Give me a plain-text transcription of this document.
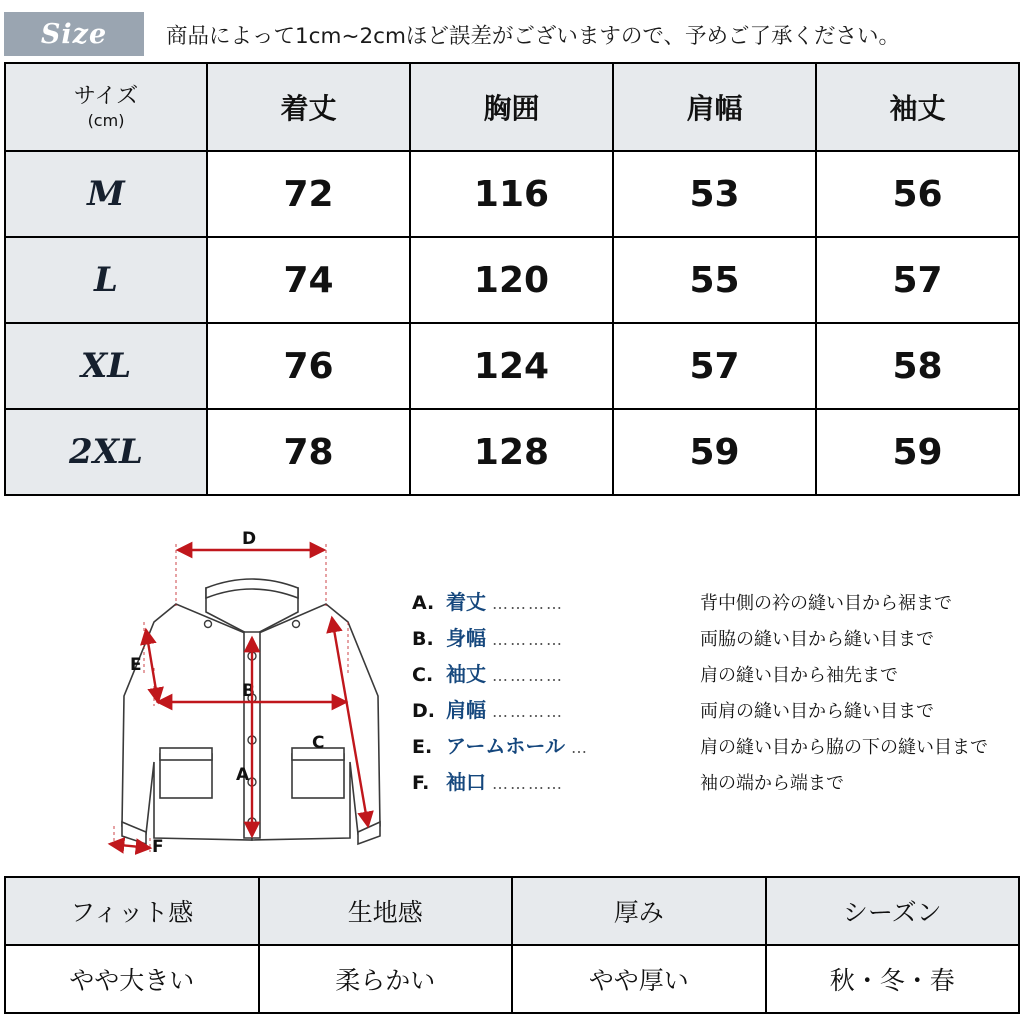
Size	商品によって1cm~2cmほど誤差がございますので、予めご了承ください。
サイズ
(cm)	着丈	胸囲	肩幅	袖丈
M	72	116	53	56
L	74	120	55	57
XL	76	124	57	58
2XL	78	128	59	59
D
E
B
A
C
F
A. 着丈 …………	背中側の衿の縫い目から裾まで
B. 身幅 …………	両脇の縫い目から縫い目まで
C. 袖丈 …………	肩の縫い目から袖先まで
D. 肩幅 …………	両肩の縫い目から縫い目まで
E. アームホール …	肩の縫い目から脇の下の縫い目まで
F. 袖口 …………	袖の端から端まで
フィット感	生地感	厚み	シーズン
やや大きい	柔らかい	やや厚い	秋・冬・春
